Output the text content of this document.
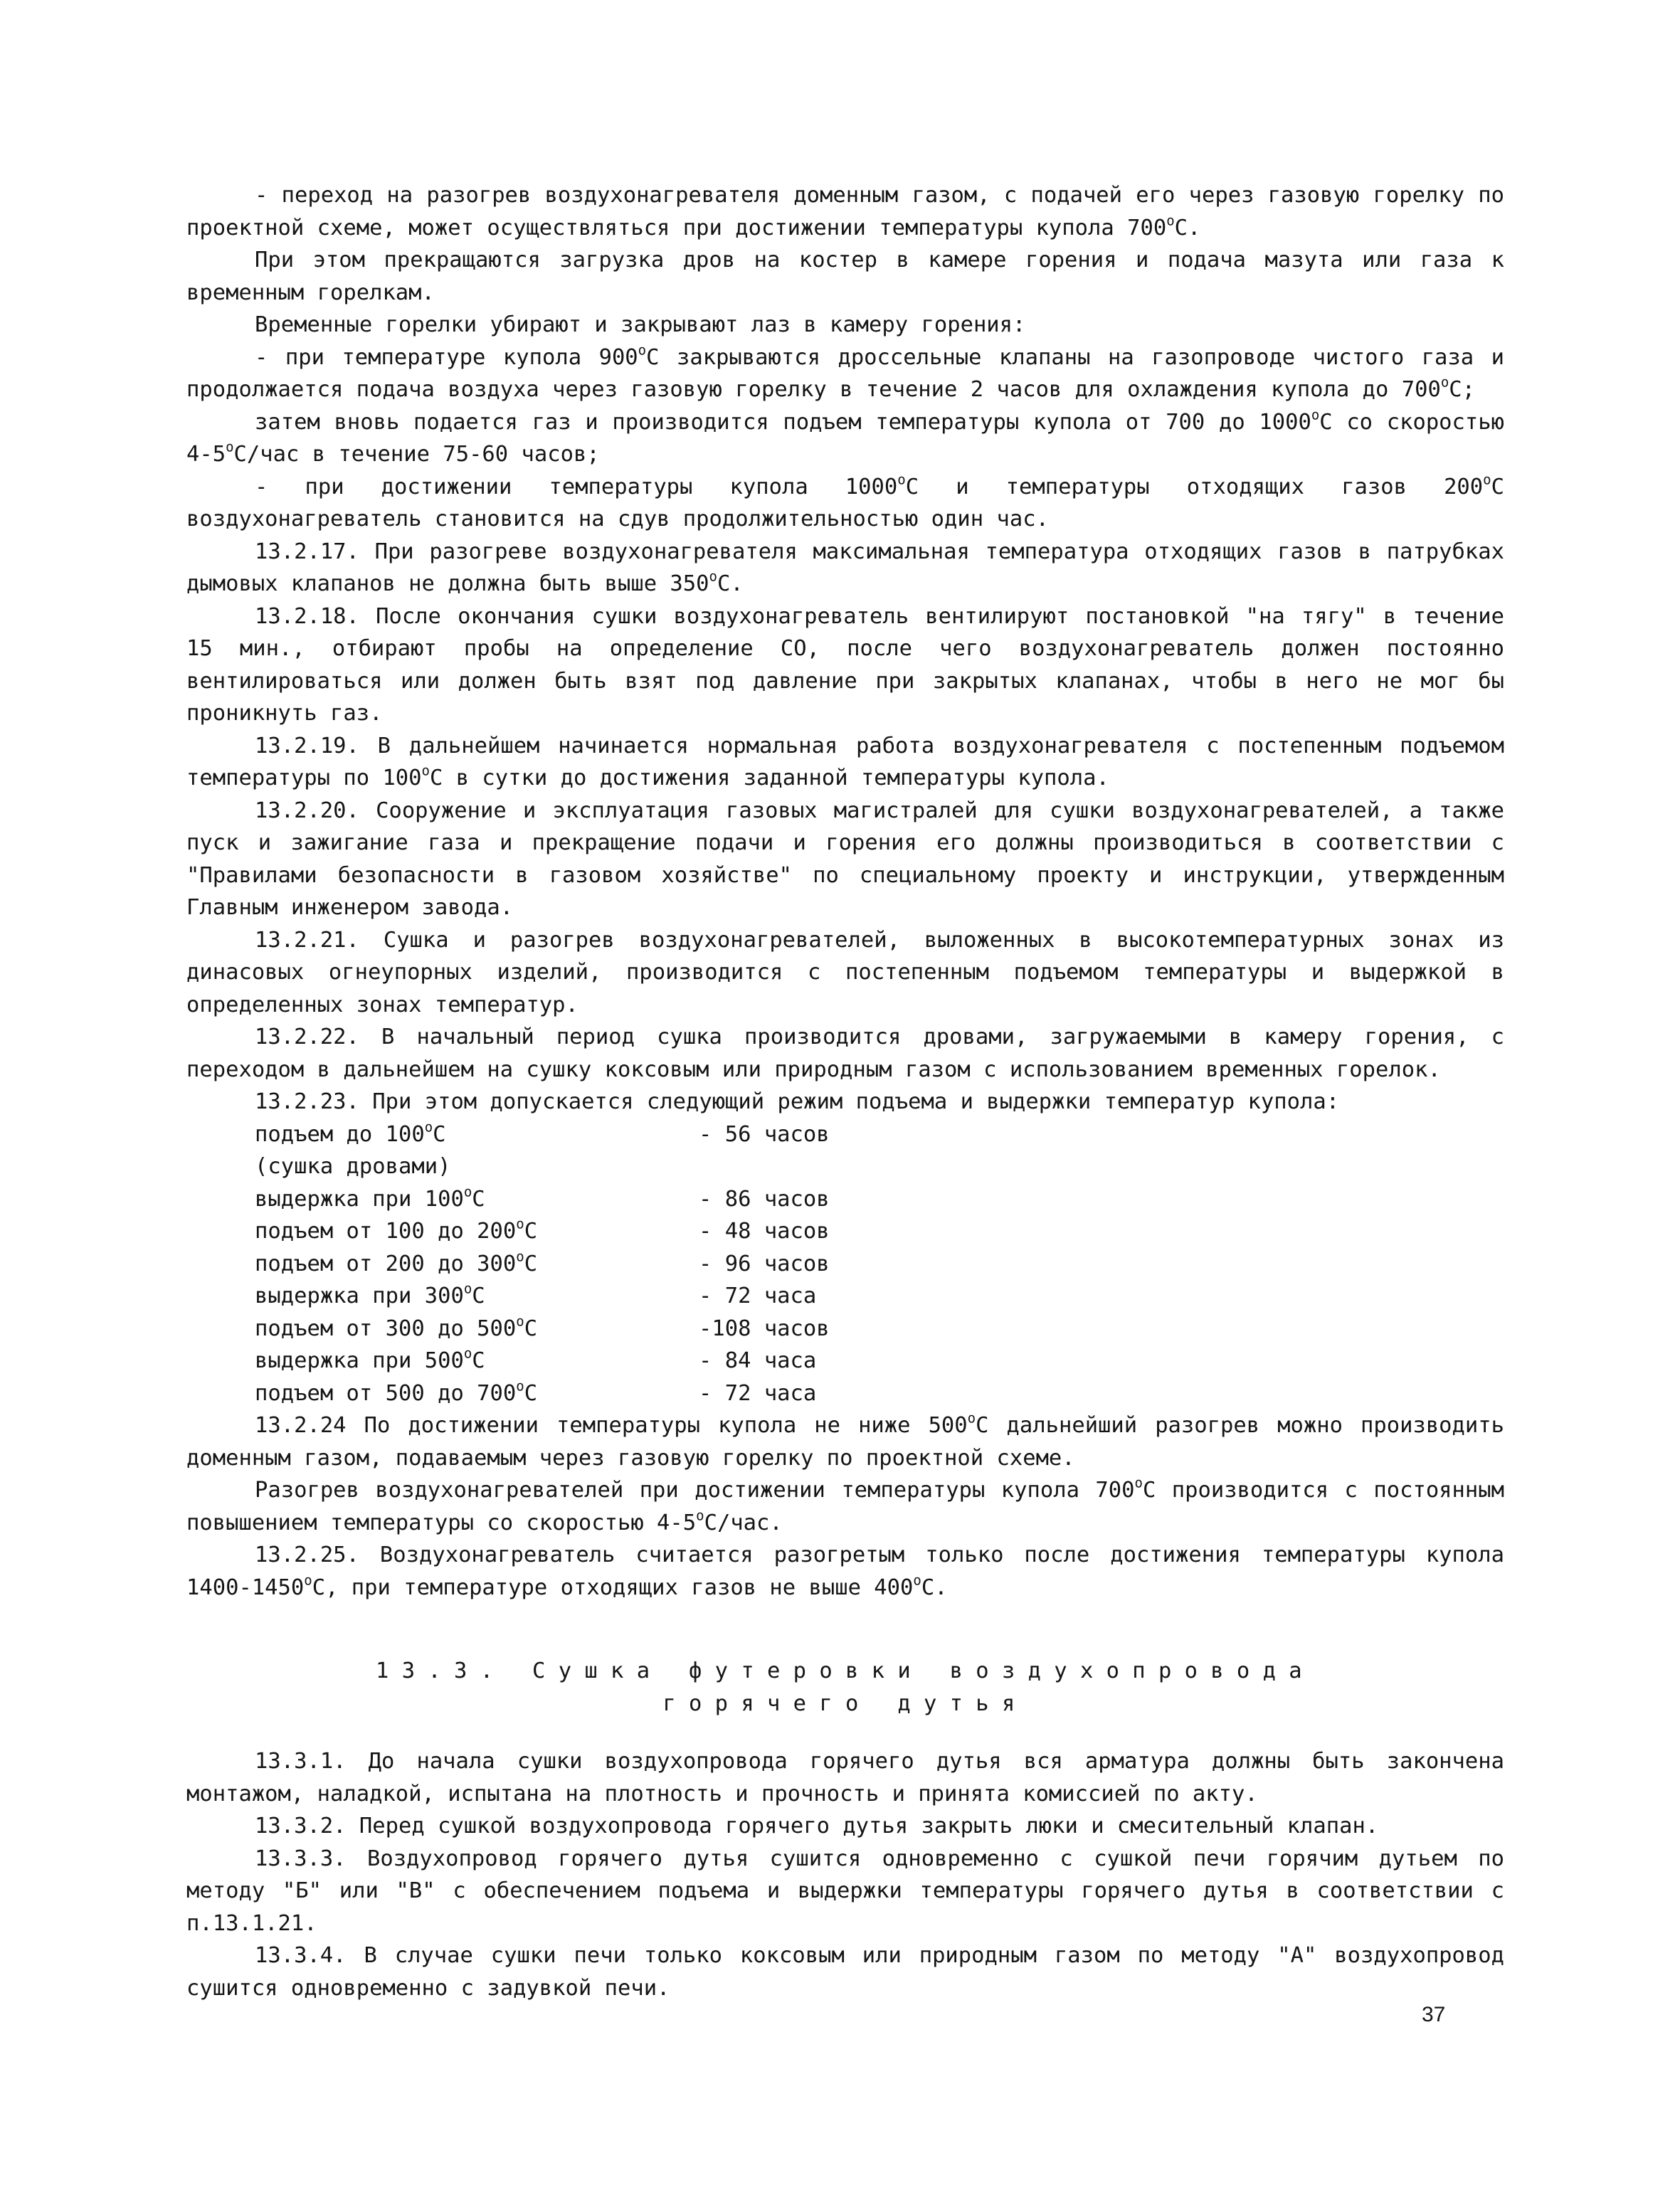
- переход на разогрев воздухонагревателя доменным газом, с подачей его через газовую горелку по проектной схеме, может осуществляться при достижении температуры купола 700$^o$С.

При этом прекращаются загрузка дров на костер в камере горения и подача мазута или газа к временным горелкам.

Временные горелки убирают и закрывают лаз в камеру горения:

- при температуре купола 900$^o$С закрываются дроссельные клапаны на газопроводе чистого газа и продолжается подача воздуха через газовую горелку в течение 2 часов для охлаждения купола до 700$^o$С;

затем вновь подается газ и производится подъем температуры купола от 700 до 1000$^o$С со скоростью 4-5$^o$С/час в течение 75-60 часов;

- при достижении температуры купола 1000$^o$С и температуры отходящих газов 200$^o$С воздухонагреватель становится на сдув продолжительностью один час.

13.2.17. При разогреве воздухонагревателя максимальная температура отходящих газов в патрубках дымовых клапанов не должна быть выше 350$^o$С.

13.2.18. После окончания сушки воздухонагреватель вентилируют постановкой "на тягу" в течение 15 мин., отбирают пробы на определение СО, после чего воздухонагреватель должен постоянно вентилироваться или должен быть взят под давление при закрытых клапанах, чтобы в него не мог бы проникнуть газ.

13.2.19. В дальнейшем начинается нормальная работа воздухонагревателя с постепенным подъемом температуры по 100$^o$С в сутки до достижения заданной температуры купола.

13.2.20. Сооружение и эксплуатация газовых магистралей для сушки воздухонагревателей, а также пуск и зажигание газа и прекращение подачи и горения его должны производиться в соответствии с "Правилами безопасности в газовом хозяйстве" по специальному проекту и инструкции, утвержденным Главным инженером завода.

13.2.21. Сушка и разогрев воздухонагревателей, выложенных в высокотемпературных зонах из динасовых огнеупорных изделий, производится с постепенным подъемом температуры и выдержкой в определенных зонах температур.

13.2.22. В начальный период сушка производится дровами, загружаемыми в камеру горения, с переходом в дальнейшем на сушку коксовым или природным газом с использованием временных горелок.

13.2.23. При этом допускается следующий режим подъема и выдержки температур купола:

подъем до 100$^o$С	- 56 часов
(сушка дровами)	
выдержка при 100$^o$С	- 86 часов
подъем от 100 до 200$^o$С	- 48 часов
подъем от 200 до 300$^o$С	- 96 часов
выдержка при 300$^o$С	- 72 часа
подъем от 300 до 500$^o$С	-108 часов
выдержка при 500$^o$С	- 84 часа
подъем от 500 до 700$^o$С	- 72 часа

13.2.24 По достижении температуры купола не ниже 500$^o$С дальнейший разогрев можно производить доменным газом, подаваемым через газовую горелку по проектной схеме.

Разогрев воздухонагревателей при достижении температуры купола 700$^o$С производится с постоянным повышением температуры со скоростью 4-5$^o$С/час.

13.2.25. Воздухонагреватель считается разогретым только после достижения температуры купола 1400-1450$^o$С, при температуре отходящих газов не выше 400$^o$С.

13.3. Сушка футеровки воздухопровода
горячего дутья

13.3.1. До начала сушки воздухопровода горячего дутья вся арматура должны быть закончена монтажом, наладкой, испытана на плотность и прочность и принята комиссией по акту.

13.3.2. Перед сушкой воздухопровода горячего дутья закрыть люки и смесительный клапан.

13.3.3. Воздухопровод горячего дутья сушится одновременно с сушкой печи горячим дутьем по методу "Б" или "В" с обеспечением подъема и выдержки температуры горячего дутья в соответствии с п.13.1.21.

13.3.4. В случае сушки печи только коксовым или природным газом по методу "А" воздухопровод сушится одновременно с задувкой печи.

37
